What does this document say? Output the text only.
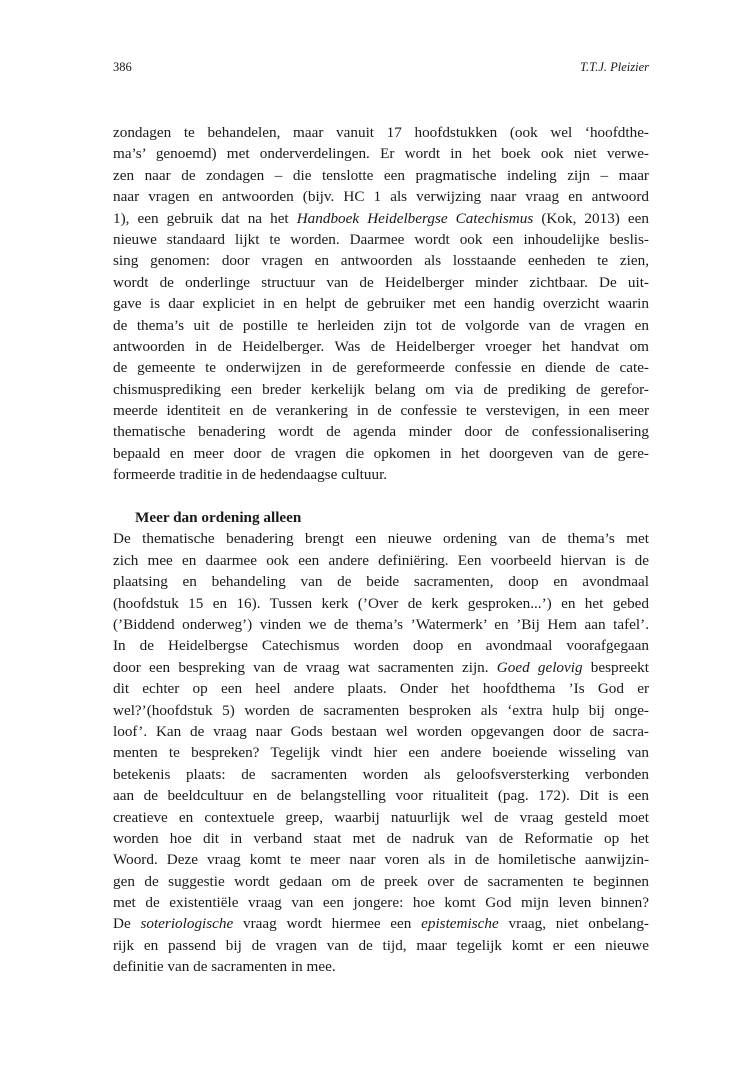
386	T.T.J. Pleizier
zondagen te behandelen, maar vanuit 17 hoofdstukken (ook wel ‘hoofdthe-
ma’s’ genoemd) met onderverdelingen. Er wordt in het boek ook niet verwe-
zen naar de zondagen – die tenslotte een pragmatische indeling zijn – maar
naar vragen en antwoorden (bijv. HC 1 als verwijzing naar vraag en antwoord
1), een gebruik dat na het Handboek Heidelbergse Catechismus (Kok, 2013) een
nieuwe standaard lijkt te worden. Daarmee wordt ook een inhoudelijke beslis-
sing genomen: door vragen en antwoorden als losstaande eenheden te zien,
wordt de onderlinge structuur van de Heidelberger minder zichtbaar. De uit-
gave is daar expliciet in en helpt de gebruiker met een handig overzicht waarin
de thema’s uit de postille te herleiden zijn tot de volgorde van de vragen en
antwoorden in de Heidelberger. Was de Heidelberger vroeger het handvat om
de gemeente te onderwijzen in de gereformeerde confessie en diende de cate-
chismusprediking een breder kerkelijk belang om via de prediking de gerefor-
meerde identiteit en de verankering in de confessie te verstevigen, in een meer
thematische benadering wordt de agenda minder door de confessionalisering
bepaald en meer door de vragen die opkomen in het doorgeven van de gere-
formeerde traditie in de hedendaagse cultuur.
Meer dan ordening alleen
De thematische benadering brengt een nieuwe ordening van de thema’s met
zich mee en daarmee ook een andere definiëring. Een voorbeeld hiervan is de
plaatsing en behandeling van de beide sacramenten, doop en avondmaal
(hoofdstuk 15 en 16). Tussen kerk (’Over de kerk gesproken...’) en het gebed
(’Biddend onderweg’) vinden we de thema’s ’Watermerk’ en ’Bij Hem aan tafel’.
In de Heidelbergse Catechismus worden doop en avondmaal voorafgegaan
door een bespreking van de vraag wat sacramenten zijn. Goed gelovig bespreekt
dit echter op een heel andere plaats. Onder het hoofdthema ’Is God er
wel?’(hoofdstuk 5) worden de sacramenten besproken als ‘extra hulp bij onge-
loof’. Kan de vraag naar Gods bestaan wel worden opgevangen door de sacra-
menten te bespreken? Tegelijk vindt hier een andere boeiende wisseling van
betekenis plaats: de sacramenten worden als geloofsversterking verbonden
aan de beeldcultuur en de belangstelling voor ritualiteit (pag. 172). Dit is een
creatieve en contextuele greep, waarbij natuurlijk wel de vraag gesteld moet
worden hoe dit in verband staat met de nadruk van de Reformatie op het
Woord. Deze vraag komt te meer naar voren als in de homiletische aanwijzin-
gen de suggestie wordt gedaan om de preek over de sacramenten te beginnen
met de existentiële vraag van een jongere: hoe komt God mijn leven binnen?
De soteriologische vraag wordt hiermee een epistemische vraag, niet onbelang-
rijk en passend bij de vragen van de tijd, maar tegelijk komt er een nieuwe
definitie van de sacramenten in mee.
